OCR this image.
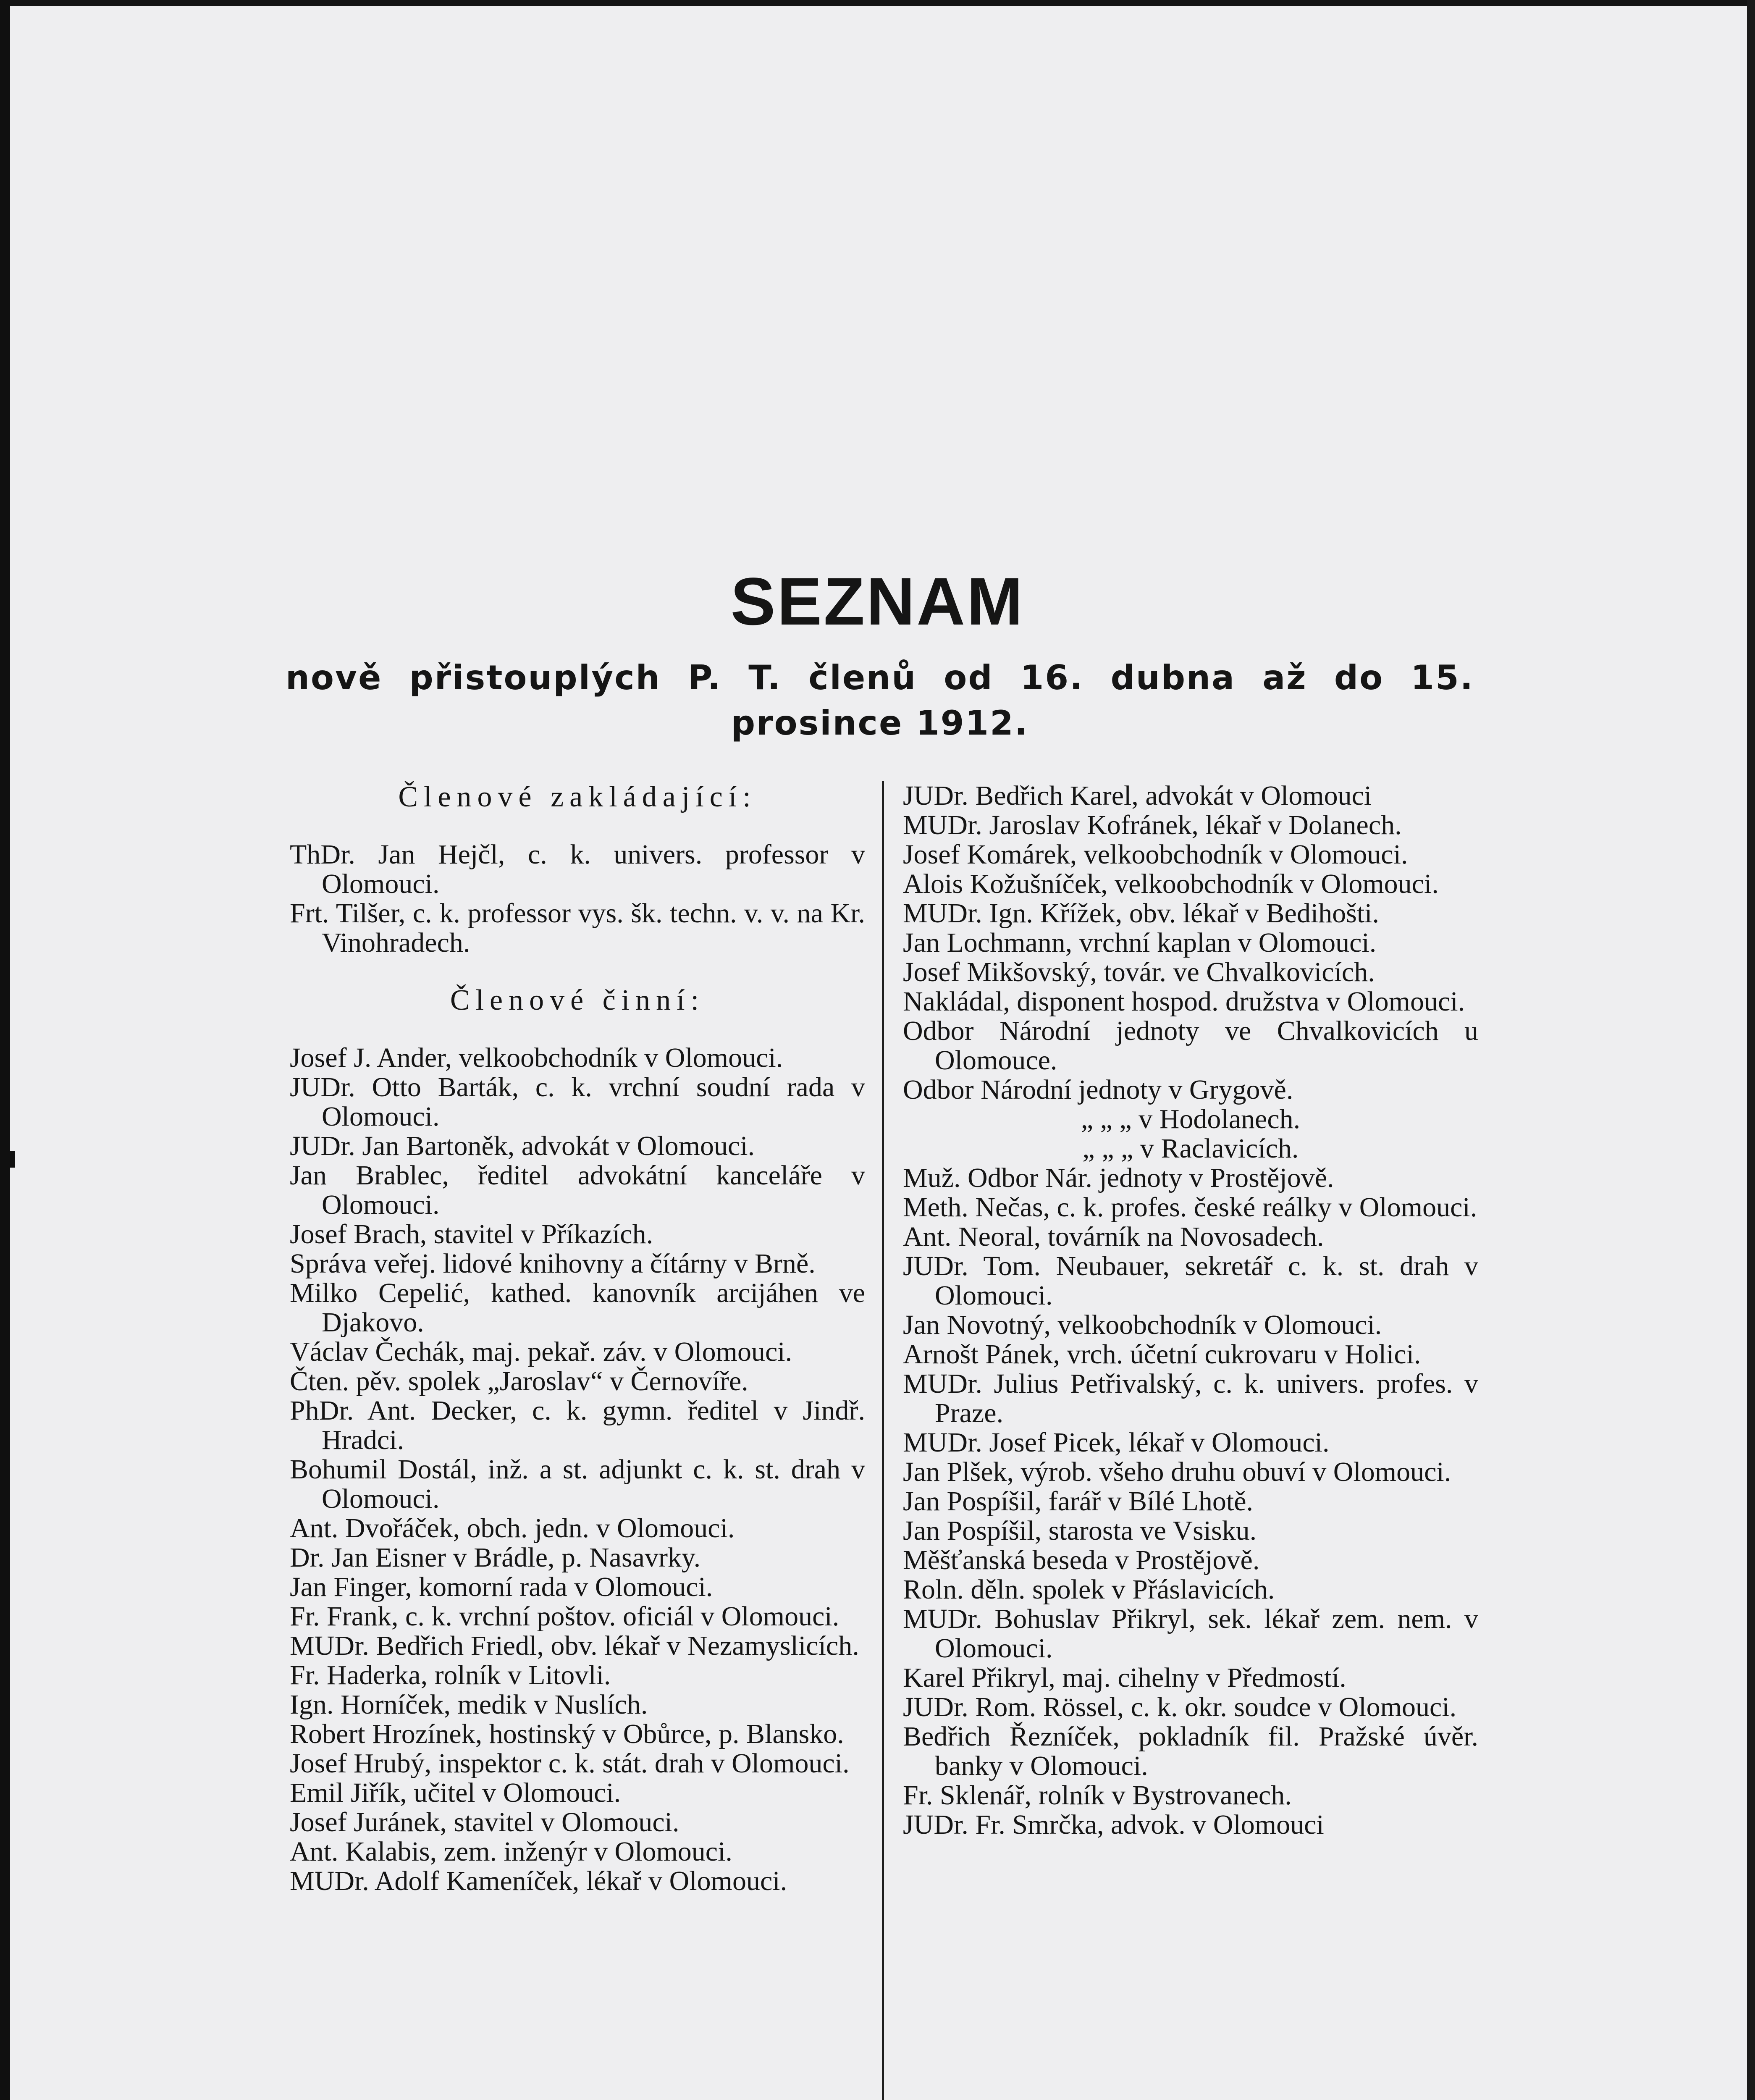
SEZNAM
nově přistouplých P. T. členů od 16. dubna až do 15. prosince 1912.
Členové zakládající:
ThDr. Jan Hejčl, c. k. univers. professor v Olomouci.
Frt. Tilšer, c. k. professor vys. šk. techn. v. v. na Kr. Vinohradech.
Členové činní:
Josef J. Ander, velkoobchodník v Olomouci.
JUDr. Otto Barták, c. k. vrchní soudní rada v Olomouci.
JUDr. Jan Bartoněk, advokát v Olomouci.
Jan Brablec, ředitel advokátní kanceláře v Olomouci.
Josef Brach, stavitel v Příkazích.
Správa veřej. lidové knihovny a čítárny v Brně.
Milko Cepelić, kathed. kanovník arcijáhen ve Djakovo.
Václav Čechák, maj. pekař. záv. v Olomouci.
Čten. pěv. spolek „Jaroslav“ v Černovíře.
PhDr. Ant. Decker, c. k. gymn. ředitel v Jindř. Hradci.
Bohumil Dostál, inž. a st. adjunkt c. k. st. drah v Olomouci.
Ant. Dvořáček, obch. jedn. v Olomouci.
Dr. Jan Eisner v Brádle, p. Nasavrky.
Jan Finger, komorní rada v Olomouci.
Fr. Frank, c. k. vrchní poštov. oficiál v Olomouci.
MUDr. Bedřich Friedl, obv. lékař v Nezamyslicích.
Fr. Haderka, rolník v Litovli.
Ign. Horníček, medik v Nuslích.
Robert Hrozínek, hostinský v Obůrce, p. Blansko.
Josef Hrubý, inspektor c. k. stát. drah v Olomouci.
Emil Jiřík, učitel v Olomouci.
Josef Juránek, stavitel v Olomouci.
Ant. Kalabis, zem. inženýr v Olomouci.
MUDr. Adolf Kameníček, lékař v Olomouci.
JUDr. Bedřich Karel, advokát v Olomouci
MUDr. Jaroslav Kofránek, lékař v Dolanech.
Josef Komárek, velkoobchodník v Olomouci.
Alois Kožušníček, velkoobchodník v Olomouci.
MUDr. Ign. Křížek, obv. lékař v Bedihošti.
Jan Lochmann, vrchní kaplan v Olomouci.
Josef Mikšovský, továr. ve Chvalkovicích.
Nakládal, disponent hospod. družstva v Olomouci.
Odbor Národní jednoty ve Chvalkovicích u Olomouce.
Odbor Národní jednoty v Grygově.
„ „ „ v Hodolanech.
„ „ „ v Raclavicích.
Muž. Odbor Nár. jednoty v Prostějově.
Meth. Nečas, c. k. profes. české reálky v Olomouci.
Ant. Neoral, továrník na Novosadech.
JUDr. Tom. Neubauer, sekretář c. k. st. drah v Olomouci.
Jan Novotný, velkoobchodník v Olomouci.
Arnošt Pánek, vrch. účetní cukrovaru v Holici.
MUDr. Julius Petřivalský, c. k. univers. profes. v Praze.
MUDr. Josef Picek, lékař v Olomouci.
Jan Plšek, výrob. všeho druhu obuví v Olomouci.
Jan Pospíšil, farář v Bílé Lhotě.
Jan Pospíšil, starosta ve Vsisku.
Měšťanská beseda v Prostějově.
Roln. děln. spolek v Přáslavicích.
MUDr. Bohuslav Přikryl, sek. lékař zem. nem. v Olomouci.
Karel Přikryl, maj. cihelny v Předmostí.
JUDr. Rom. Rössel, c. k. okr. soudce v Olomouci.
Bedřich Řezníček, pokladník fil. Pražské úvěr. banky v Olomouci.
Fr. Sklenář, rolník v Bystrovanech.
JUDr. Fr. Smrčka, advok. v Olomouci
